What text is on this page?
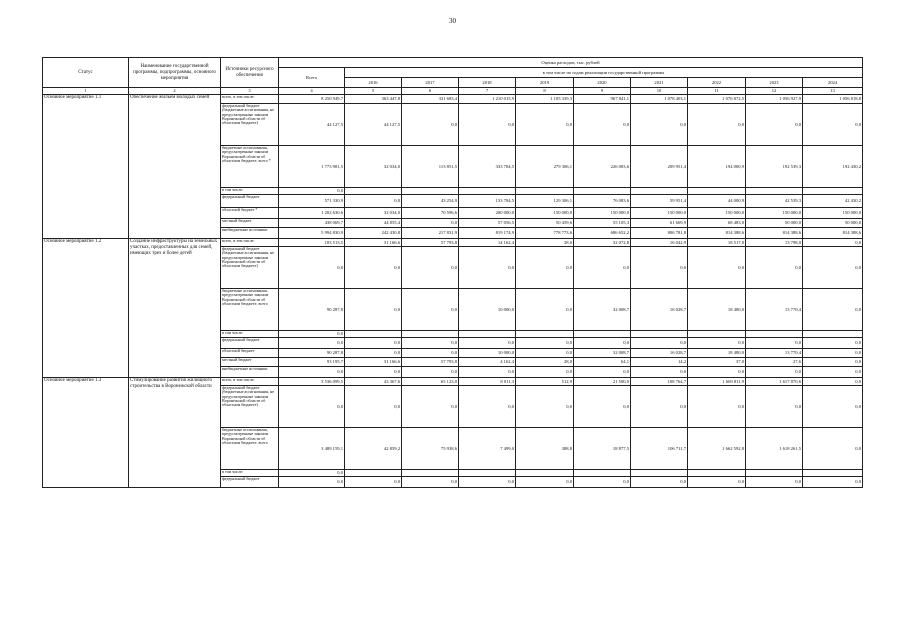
30
Статус	Наименование государственной программы, подпрограммы, основного мероприятия	Источники ресурсного обеспечения	Оценка расходов, тыс. рублей									
			Всего	в том числе по годам реализации государственной программы								
				2016	2017	2018	2019	2020	2021	2022	2023	2024
1	2	3	4	5	6	7	8	9	10	11	12	13
Основное мероприятие 1.1	Обеспечение жильем молодых семей	всего, в том числе:	8 250 949,7	363 447,8	331 683,4	1 210 015,9	1 105 339,3	967 841,1	1 078 403,1	1 076 872,5	1 056 927,9	1 056 818,8
		федеральный бюджет (бюджетные ассигнования, не предусмотренные законом Воронежской области об областном бюджете)	44 127,5	44 127,5	0,0	0,0	0,0	0,0	0,0	0,0	0,0	0,0
		бюджетные ассигнования, предусмотренные законом Воронежской области об областном бюджете, всего *	1 773 981,5	32 034,0	113 851,5	333 784,5	279 306,1	226 083,6	209 951,4	194 000,9	192 539,3	192 430,2
		в том числе:	0,0									
		федеральный бюджет	571 330,9	0,0	43 254,9	133 784,5	129 306,1	76 083,6	59 951,4	44 000,9	42 539,3	42 430,2
		областной бюджет *	1 202 630,6	32 034,0	70 596,6	200 000,0	150 000,0	150 000,0	150 000,0	150 000,0	150 000,0	150 000,0
		местный бюджет	438 069,7	44 855,4	0,0	57 056,5	50 459,6	55 105,3	61 669,9	68 483,0	50 000,0	50 000,0
		внебюджетные источники	5 994 830,9	242 430,8	217 831,9	819 174,9	778 773,6	686 652,2	806 781,8	814 388,6	814 388,6	814 388,6
Основное мероприятие 1.2	Создание инфраструктуры на земельных участках, предоставленных для семей, имеющих трех и более детей	всего, в том числе:	183 513,5	31 166,6	57 793,8	14 162,4	28,0	32 072,8	16 042,9	18 517,0	13 798,0	0,0
		федеральный бюджет (бюджетные ассигнования, не предусмотренные законом Воронежской области об областном бюджете)	0,0	0,0	0,0	0,0	0,0	0,0	0,0	0,0	0,0	0,0
		бюджетные ассигнования, предусмотренные законом Воронежской области об областном бюджете, всего	90 287,8	0,0	0,0	10 000,0	0,0	32 008,7	16 028,7	18 480,0	13 770,4	0,0
		в том числе:	0,0									
		федеральный бюджет	0,0	0,0	0,0	0,0	0,0	0,0	0,0	0,0	0,0	0,0
		областной бюджет	90 287,8	0,0	0,0	10 000,0	0,0	32 008,7	16 028,7	18 480,0	13 770,4	0,0
		местный бюджет	93 195,7	31 166,6	57 793,8	4 162,4	28,0	64,1	14,2	37,0	27,6	0,0
		внебюджетные источники	0,0	0,0	0,0	0,0	0,0	0,0	0,0	0,0	0,0	0,0
Основное мероприятие 1.3	Стимулирование развития жилищного строительства в Воронежской области	всего, в том числе:	3 536 099,5	43 367,6	65 123,0	8 011,3	512,9	21 500,0	108 764,7	1 669 811,9	1 617 870,6	0,0
		федеральный бюджет (бюджетные ассигнования, не предусмотренные законом Воронежской области об областном бюджете)	0,0	0,0	0,0	0,0	0,0	0,0	0,0	0,0	0,0	0,0
		бюджетные ассигнования, предусмотренные законом Воронежской области об областном бюджете, всего	3 489 159,1	42 859,2	75 938,6	7 499,0	388,8	18 877,5	106 711,7	1 662 592,8	1 618 261,5	0,0
		в том числе:	0,0									
		федеральный бюджет	0,0	0,0	0,0	0,0	0,0	0,0	0,0	0,0	0,0	0,0
